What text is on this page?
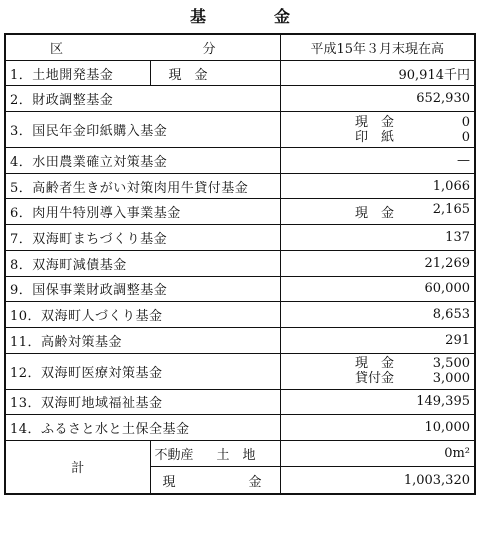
基　金
区 分		平成15年３月末現在高
1．土地開発基金	現　金	90,914千円
2．財政調整基金		652,930
3．国民年金印紙購入基金		現　金 0
印　紙 0

4．水田農業確立対策基金		—
5．高齢者生きがい対策肉用牛貸付基金		1,066
6．肉用牛特別導入事業基金		現　金 2,165

7．双海町まちづくり基金		137
8．双海町減債基金		21,269
9．国保事業財政調整基金		60,000
10．双海町人づくり基金		8,653
11．高齢対策基金		291
12．双海町医療対策基金		現　金 3,500
貸付金 3,000

13．双海町地域福祉基金		149,395
14．ふるさと水と土保全基金		10,000
計	不動産 土　地	0m²

	現 金	1,003,320
